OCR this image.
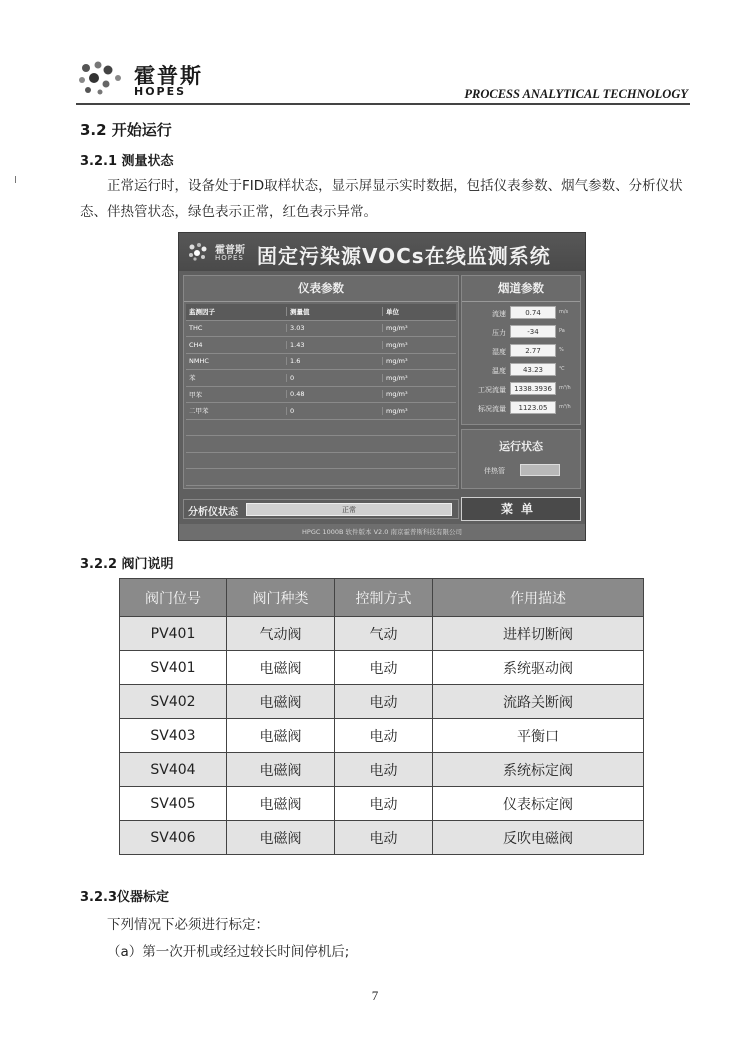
霍普斯
HOPES	PROCESS ANALYTICAL TECHNOLOGY
3.2 开始运行
3.2.1 测量状态

正常运行时，设备处于FID取样状态，显示屏显示实时数据，包括仪表参数、烟气参数、分析仪状态、伴热管状态，绿色表示正常，红色表示异常。

霍普斯
HOPES 固定污染源VOCs在线监测系统
仪表参数
监测因子	测量值	单位
THC	3.03	mg/m³
CH4	1.43	mg/m³
NMHC	1.6	mg/m³
苯	0	mg/m³
甲苯	0.48	mg/m³
二甲苯	0	mg/m³
烟道参数
流速	0.74	m/s
压力	-34	Pa
湿度	2.77	%
温度	43.23	℃
工况流量	1338.3936	m³/h
标况流量	1123.05	m³/h
运行状态
伴热管
分析仪状态	正常	菜单
HPGC 1000B 软件版本 V2.0 南京霍普斯科技有限公司
3.2.2 阀门说明
阀门位号	阀门种类	控制方式	作用描述
PV401	气动阀	气动	进样切断阀
SV401	电磁阀	电动	系统驱动阀
SV402	电磁阀	电动	流路关断阀
SV403	电磁阀	电动	平衡口
SV404	电磁阀	电动	系统标定阀
SV405	电磁阀	电动	仪表标定阀
SV406	电磁阀	电动	反吹电磁阀
3.2.3仪器标定
下列情况下必须进行标定：
（a）第一次开机或经过较长时间停机后;
7
